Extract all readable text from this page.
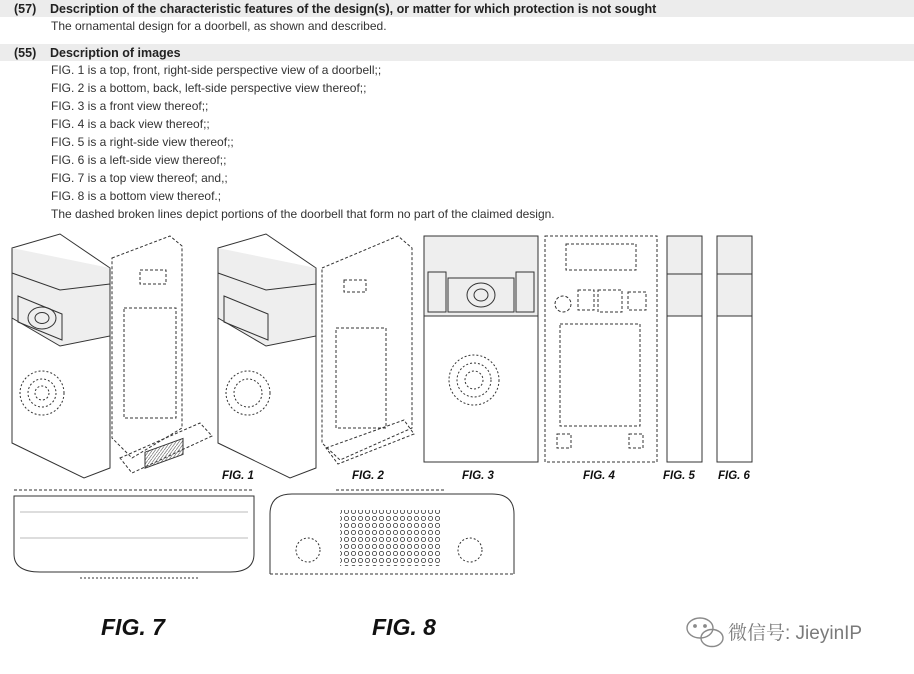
(57)	Description of the characteristic features of the design(s), or matter for which protection is not sought
The ornamental design for a doorbell, as shown and described.
(55)	Description of images
FIG. 1 is a top, front, right-side perspective view of a doorbell;;
FIG. 2 is a bottom, back, left-side perspective view thereof;;
FIG. 3 is a front view thereof;;
FIG. 4 is a back view thereof;;
FIG. 5 is a right-side view thereof;;
FIG. 6 is a left-side view thereof;;
FIG. 7 is a top view thereof; and,;
FIG. 8 is a bottom view thereof.;
The dashed broken lines depict portions of the doorbell that form no part of the claimed design.
FIG. 1	FIG. 2	FIG. 3	FIG. 4	FIG. 5 FIG. 6
FIG. 7	FIG. 8	微信号: JieyinIP
